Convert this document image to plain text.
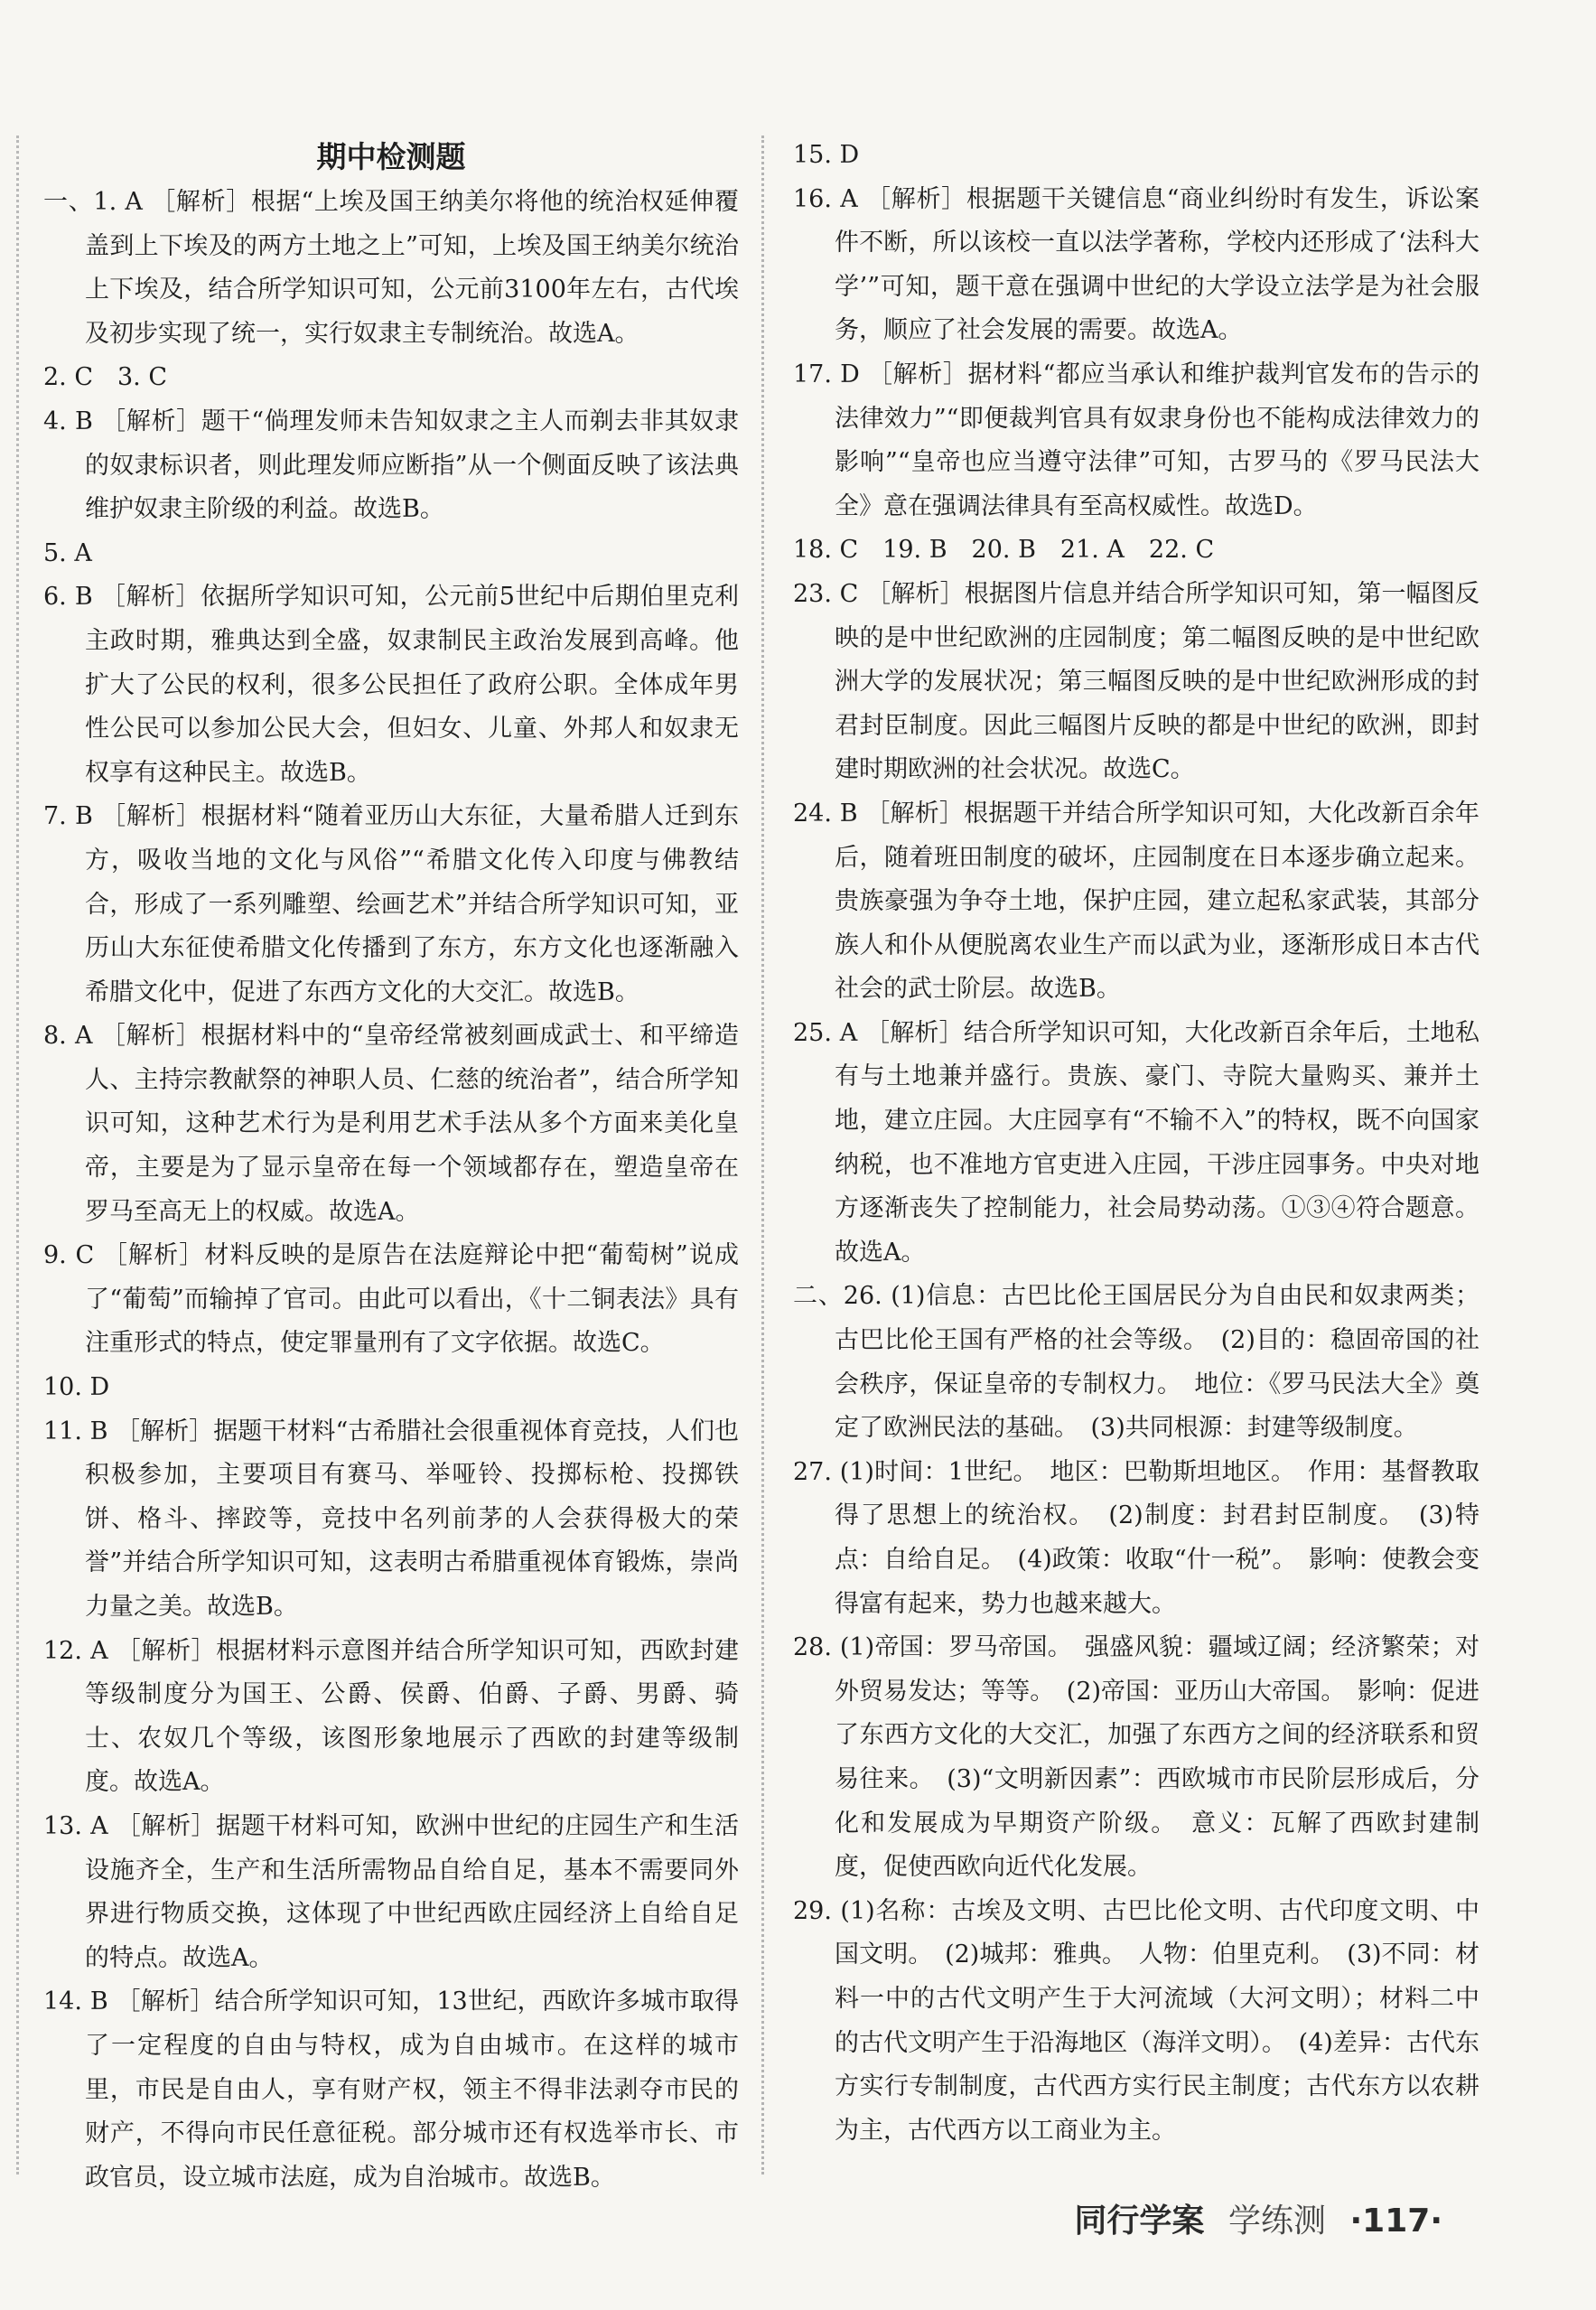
期中检测题

一、1. A ［解析］根据“上埃及国王纳美尔将他的统治权延伸覆盖到上下埃及的两方土地之上”可知，上埃及国王纳美尔统治上下埃及，结合所学知识可知，公元前3100年左右，古代埃及初步实现了统一，实行奴隶主专制统治。故选A。

2. C　3. C

4. B ［解析］题干“倘理发师未告知奴隶之主人而剃去非其奴隶的奴隶标识者，则此理发师应断指”从一个侧面反映了该法典维护奴隶主阶级的利益。故选B。

5. A

6. B ［解析］依据所学知识可知，公元前5世纪中后期伯里克利主政时期，雅典达到全盛，奴隶制民主政治发展到高峰。他扩大了公民的权利，很多公民担任了政府公职。全体成年男性公民可以参加公民大会，但妇女、儿童、外邦人和奴隶无权享有这种民主。故选B。

7. B ［解析］根据材料“随着亚历山大东征，大量希腊人迁到东方，吸收当地的文化与风俗”“希腊文化传入印度与佛教结合，形成了一系列雕塑、绘画艺术”并结合所学知识可知，亚历山大东征使希腊文化传播到了东方，东方文化也逐渐融入希腊文化中，促进了东西方文化的大交汇。故选B。

8. A ［解析］根据材料中的“皇帝经常被刻画成武士、和平缔造人、主持宗教献祭的神职人员、仁慈的统治者”，结合所学知识可知，这种艺术行为是利用艺术手法从多个方面来美化皇帝，主要是为了显示皇帝在每一个领域都存在，塑造皇帝在罗马至高无上的权威。故选A。

9. C ［解析］材料反映的是原告在法庭辩论中把“葡萄树”说成了“葡萄”而输掉了官司。由此可以看出，《十二铜表法》具有注重形式的特点，使定罪量刑有了文字依据。故选C。

10. D

11. B ［解析］据题干材料“古希腊社会很重视体育竞技，人们也积极参加，主要项目有赛马、举哑铃、投掷标枪、投掷铁饼、格斗、摔跤等，竞技中名列前茅的人会获得极大的荣誉”并结合所学知识可知，这表明古希腊重视体育锻炼，崇尚力量之美。故选B。

12. A ［解析］根据材料示意图并结合所学知识可知，西欧封建等级制度分为国王、公爵、侯爵、伯爵、子爵、男爵、骑士、农奴几个等级，该图形象地展示了西欧的封建等级制度。故选A。

13. A ［解析］据题干材料可知，欧洲中世纪的庄园生产和生活设施齐全，生产和生活所需物品自给自足，基本不需要同外界进行物质交换，这体现了中世纪西欧庄园经济上自给自足的特点。故选A。

14. B ［解析］结合所学知识可知，13世纪，西欧许多城市取得了一定程度的自由与特权，成为自由城市。在这样的城市里，市民是自由人，享有财产权，领主不得非法剥夺市民的财产，不得向市民任意征税。部分城市还有权选举市长、市政官员，设立城市法庭，成为自治城市。故选B。

15. D

16. A ［解析］根据题干关键信息“商业纠纷时有发生，诉讼案件不断，所以该校一直以法学著称，学校内还形成了‘法科大学’”可知，题干意在强调中世纪的大学设立法学是为社会服务，顺应了社会发展的需要。故选A。

17. D ［解析］据材料“都应当承认和维护裁判官发布的告示的法律效力”“即便裁判官具有奴隶身份也不能构成法律效力的影响”“皇帝也应当遵守法律”可知，古罗马的《罗马民法大全》意在强调法律具有至高权威性。故选D。

18. C　19. B　20. B　21. A　22. C

23. C ［解析］根据图片信息并结合所学知识可知，第一幅图反映的是中世纪欧洲的庄园制度；第二幅图反映的是中世纪欧洲大学的发展状况；第三幅图反映的是中世纪欧洲形成的封君封臣制度。因此三幅图片反映的都是中世纪的欧洲，即封建时期欧洲的社会状况。故选C。

24. B ［解析］根据题干并结合所学知识可知，大化改新百余年后，随着班田制度的破坏，庄园制度在日本逐步确立起来。贵族豪强为争夺土地，保护庄园，建立起私家武装，其部分族人和仆从便脱离农业生产而以武为业，逐渐形成日本古代社会的武士阶层。故选B。

25. A ［解析］结合所学知识可知，大化改新百余年后，土地私有与土地兼并盛行。贵族、豪门、寺院大量购买、兼并土地，建立庄园。大庄园享有“不输不入”的特权，既不向国家纳税，也不准地方官吏进入庄园，干涉庄园事务。中央对地方逐渐丧失了控制能力，社会局势动荡。①③④符合题意。故选A。

二、26. (1)信息：古巴比伦王国居民分为自由民和奴隶两类；古巴比伦王国有严格的社会等级。　(2)目的：稳固帝国的社会秩序，保证皇帝的专制权力。　地位：《罗马民法大全》奠定了欧洲民法的基础。　(3)共同根源：封建等级制度。

27. (1)时间：1世纪。　地区：巴勒斯坦地区。　作用：基督教取得了思想上的统治权。　(2)制度：封君封臣制度。　(3)特点：自给自足。　(4)政策：收取“什一税”。　影响：使教会变得富有起来，势力也越来越大。

28. (1)帝国：罗马帝国。　强盛风貌：疆域辽阔；经济繁荣；对外贸易发达；等等。　(2)帝国：亚历山大帝国。　影响：促进了东西方文化的大交汇，加强了东西方之间的经济联系和贸易往来。　(3)“文明新因素”：西欧城市市民阶层形成后，分化和发展成为早期资产阶级。　意义：瓦解了西欧封建制度，促使西欧向近代化发展。

29. (1)名称：古埃及文明、古巴比伦文明、古代印度文明、中国文明。　(2)城邦：雅典。　人物：伯里克利。　(3)不同：材料一中的古代文明产生于大河流域（大河文明）；材料二中的古代文明产生于沿海地区（海洋文明）。　(4)差异：古代东方实行专制制度，古代西方实行民主制度；古代东方以农耕为主，古代西方以工商业为主。

同行学案 学练测 ·117·
